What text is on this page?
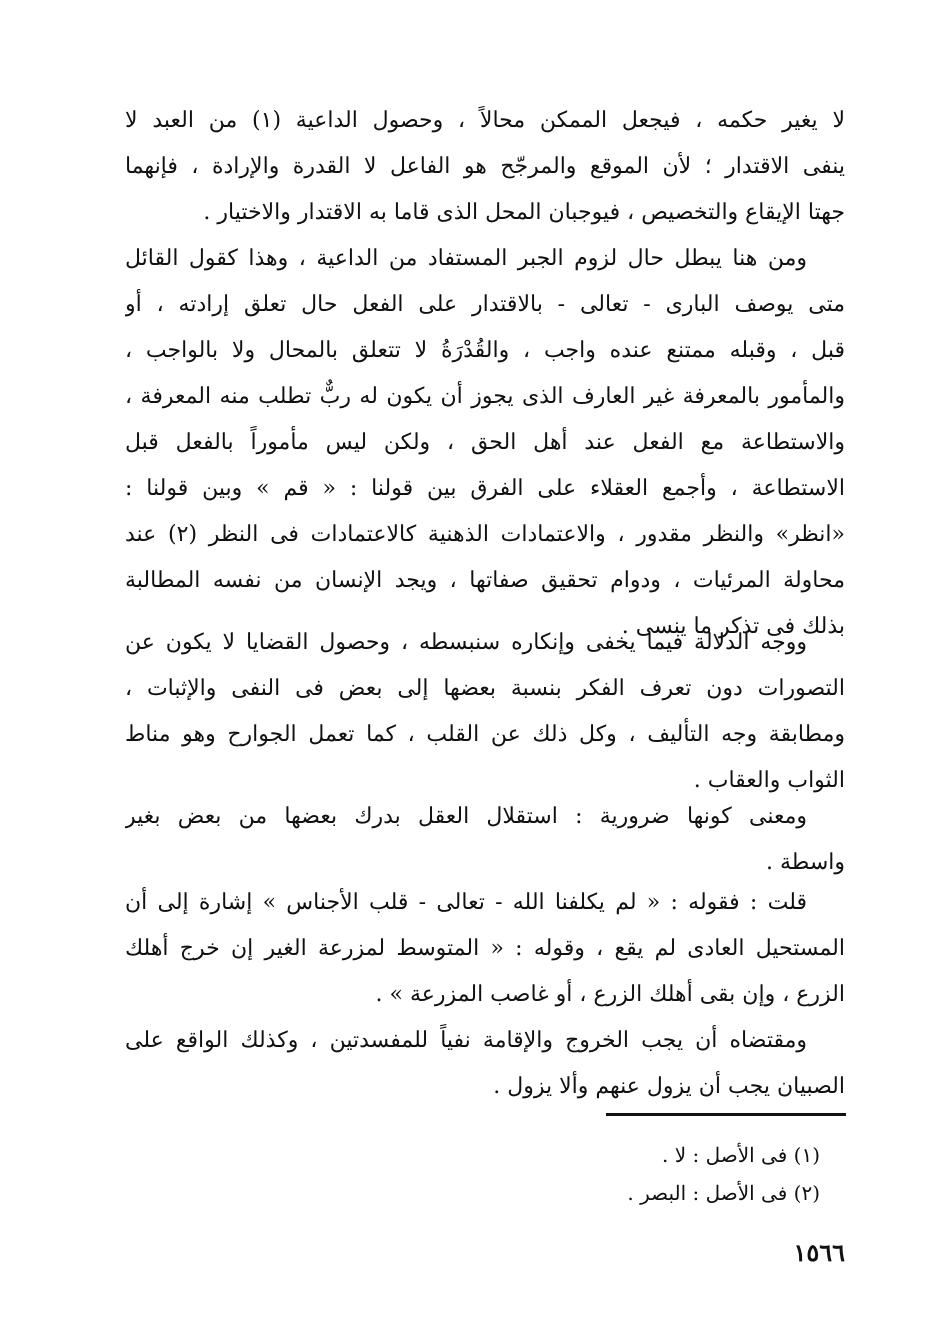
لا يغير حكمه ، فيجعل الممكن محالاً ، وحصول الداعية (١) من العبد لا
ينفى الاقتدار ؛ لأن الموقع والمرجّح هو الفاعل لا القدرة والإرادة ، فإنهما
جهتا الإيقاع والتخصيص ، فيوجبان المحل الذى قاما به الاقتدار والاختيار .
ومن هنا يبطل حال لزوم الجبر المستفاد من الداعية ، وهذا كقول القائل
متى يوصف البارى - تعالى - بالاقتدار على الفعل حال تعلق إرادته ، أو
قبل ، وقبله ممتنع عنده واجب ، والقُدْرَةُ لا تتعلق بالمحال ولا بالواجب ،
والمأمور بالمعرفة غير العارف الذى يجوز أن يكون له ربٌّ تطلب منه المعرفة ،
والاستطاعة مع الفعل عند أهل الحق ، ولكن ليس مأموراً بالفعل قبل
الاستطاعة ، وأجمع العقلاء على الفرق بين قولنا : « قم » وبين قولنا :
«انظر» والنظر مقدور ، والاعتمادات الذهنية كالاعتمادات فى النظر (٢) عند
محاولة المرئيات ، ودوام تحقيق صفاتها ، ويجد الإنسان من نفسه المطالبة
بذلك فى تذكر ما ينسى .
ووجه الدلالة فيما يخفى وإنكاره سنبسطه ، وحصول القضايا لا يكون عن
التصورات دون تعرف الفكر بنسبة بعضها إلى بعض فى النفى والإثبات ،
ومطابقة وجه التأليف ، وكل ذلك عن القلب ، كما تعمل الجوارح وهو مناط
الثواب والعقاب .
ومعنى كونها ضرورية : استقلال العقل بدرك بعضها من بعض بغير
واسطة .
قلت : فقوله : « لم يكلفنا الله - تعالى - قلب الأجناس » إشارة إلى أن
المستحيل العادى لم يقع ، وقوله : « المتوسط لمزرعة الغير إن خرج أهلك
الزرع ، وإن بقى أهلك الزرع ، أو غاصب المزرعة » .
ومقتضاه أن يجب الخروج والإقامة نفياً للمفسدتين ، وكذلك الواقع على
الصبيان يجب أن يزول عنهم وألا يزول .
(١) فى الأصل : لا .
(٢) فى الأصل : البصر .
١٥٦٦
